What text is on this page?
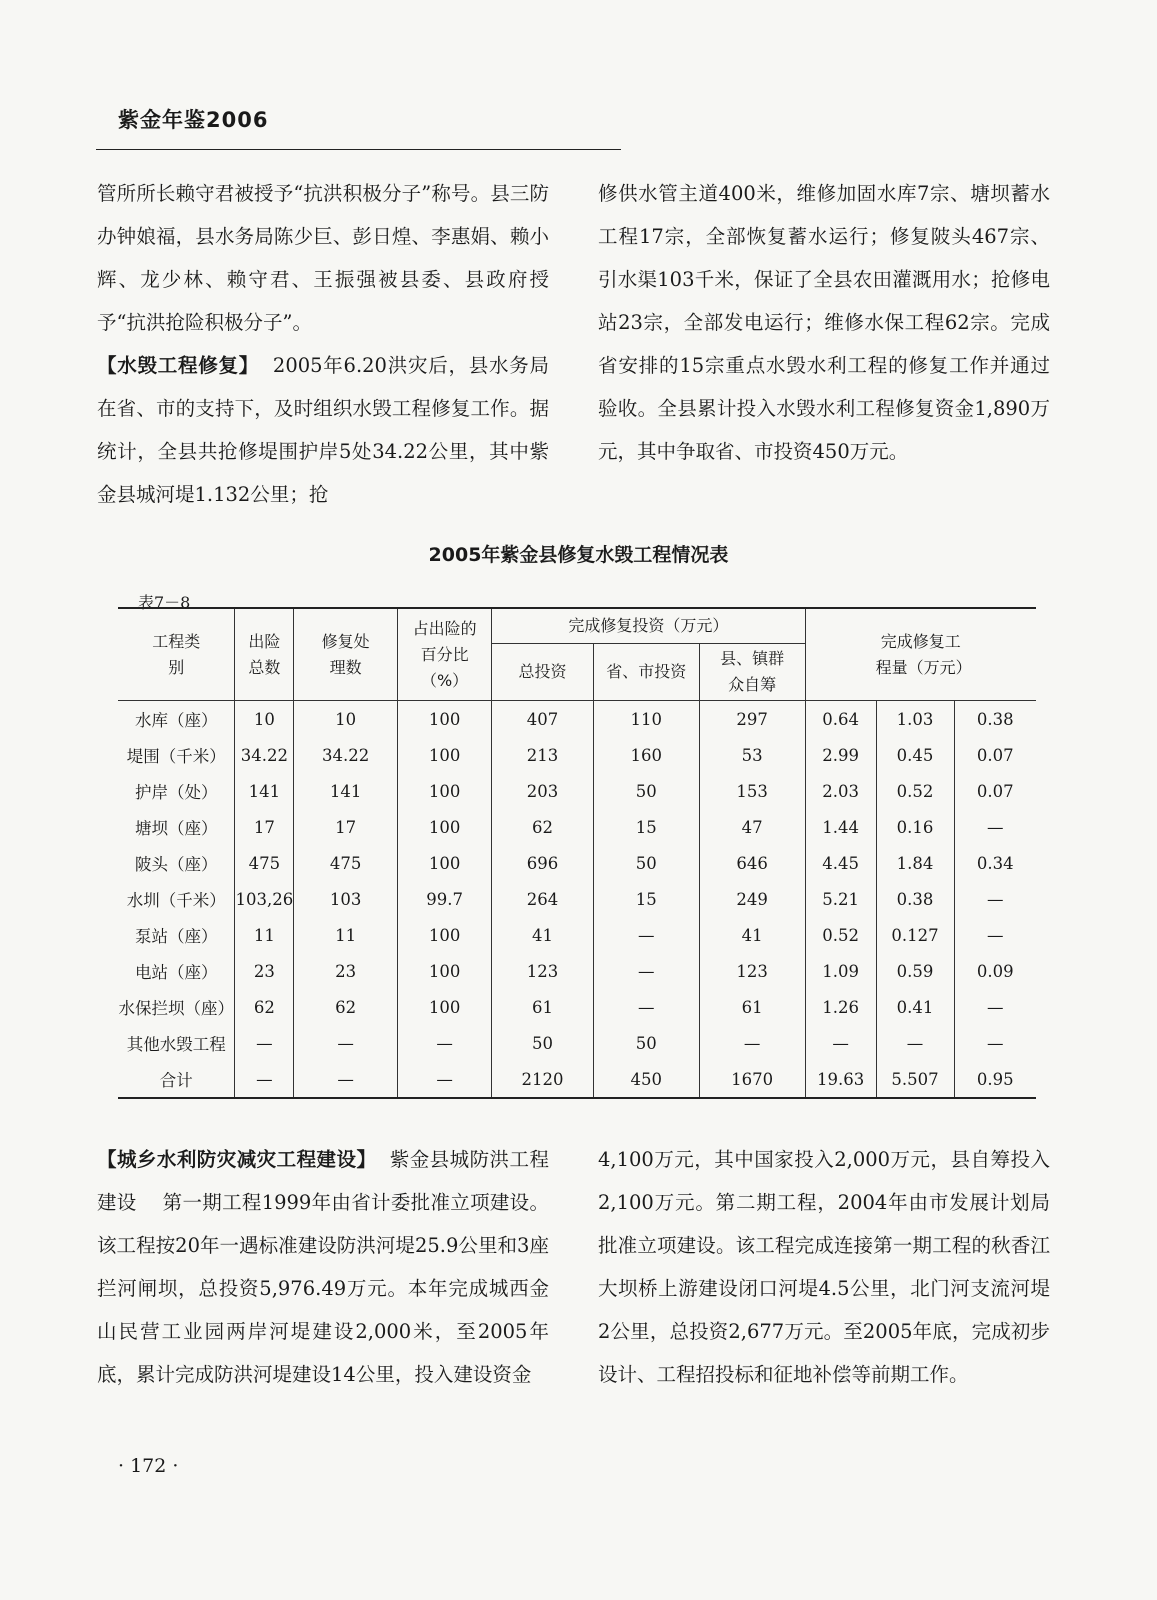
紫金年鉴2006

管所所长赖守君被授予“抗洪积极分子”称号。县三防办钟娘福，县水务局陈少巨、彭日煌、李惠娟、赖小辉、龙少林、赖守君、王振强被县委、县政府授予“抗洪抢险积极分子”。

【水毁工程修复】 2005年6.20洪灾后，县水务局在省、市的支持下，及时组织水毁工程修复工作。据统计，全县共抢修堤围护岸5处34.22公里，其中紫金县城河堤1.132公里；抢

修供水管主道400米，维修加固水库7宗、塘坝蓄水工程17宗，全部恢复蓄水运行；修复陂头467宗、引水渠103千米，保证了全县农田灌溉用水；抢修电站23宗，全部发电运行；维修水保工程62宗。完成省安排的15宗重点水毁水利工程的修复工作并通过验收。全县累计投入水毁水利工程修复资金1,890万元，其中争取省、市投资450万元。

2005年紫金县修复水毁工程情况表
表7－8
工程类别	出险总数	修复处理数	占出险的百分比（%）	完成修复投资（万元）			完成修复工程量（万元）		
				总投资	省、市投资	县、镇群众自筹			
水库（座）	10	10	100	407	110	297	0.64	1.03	0.38
堤围（千米）	34.22	34.22	100	213	160	53	2.99	0.45	0.07
护岸（处）	141	141	100	203	50	153	2.03	0.52	0.07
塘坝（座）	17	17	100	62	15	47	1.44	0.16	—
陂头（座）	475	475	100	696	50	646	4.45	1.84	0.34
水圳（千米）	103,26	103	99.7	264	15	249	5.21	0.38	—
泵站（座）	11	11	100	41	—	41	0.52	0.127	—
电站（座）	23	23	100	123	—	123	1.09	0.59	0.09
水保拦坝（座）	62	62	100	61	—	61	1.26	0.41	—
其他水毁工程	—	—	—	50	50	—	—	—	—
合计	—	—	—	2120	450	1670	19.63	5.507	0.95

【城乡水利防灾减灾工程建设】 紫金县城防洪工程建设 第一期工程1999年由省计委批准立项建设。该工程按20年一遇标准建设防洪河堤25.9公里和3座拦河闸坝，总投资5,976.49万元。本年完成城西金山民营工业园两岸河堤建设2,000米，至2005年底，累计完成防洪河堤建设14公里，投入建设资金

4,100万元，其中国家投入2,000万元，县自筹投入2,100万元。第二期工程，2004年由市发展计划局批准立项建设。该工程完成连接第一期工程的秋香江大坝桥上游建设闭口河堤4.5公里，北门河支流河堤2公里，总投资2,677万元。至2005年底，完成初步设计、工程招投标和征地补偿等前期工作。

· 172 ·
